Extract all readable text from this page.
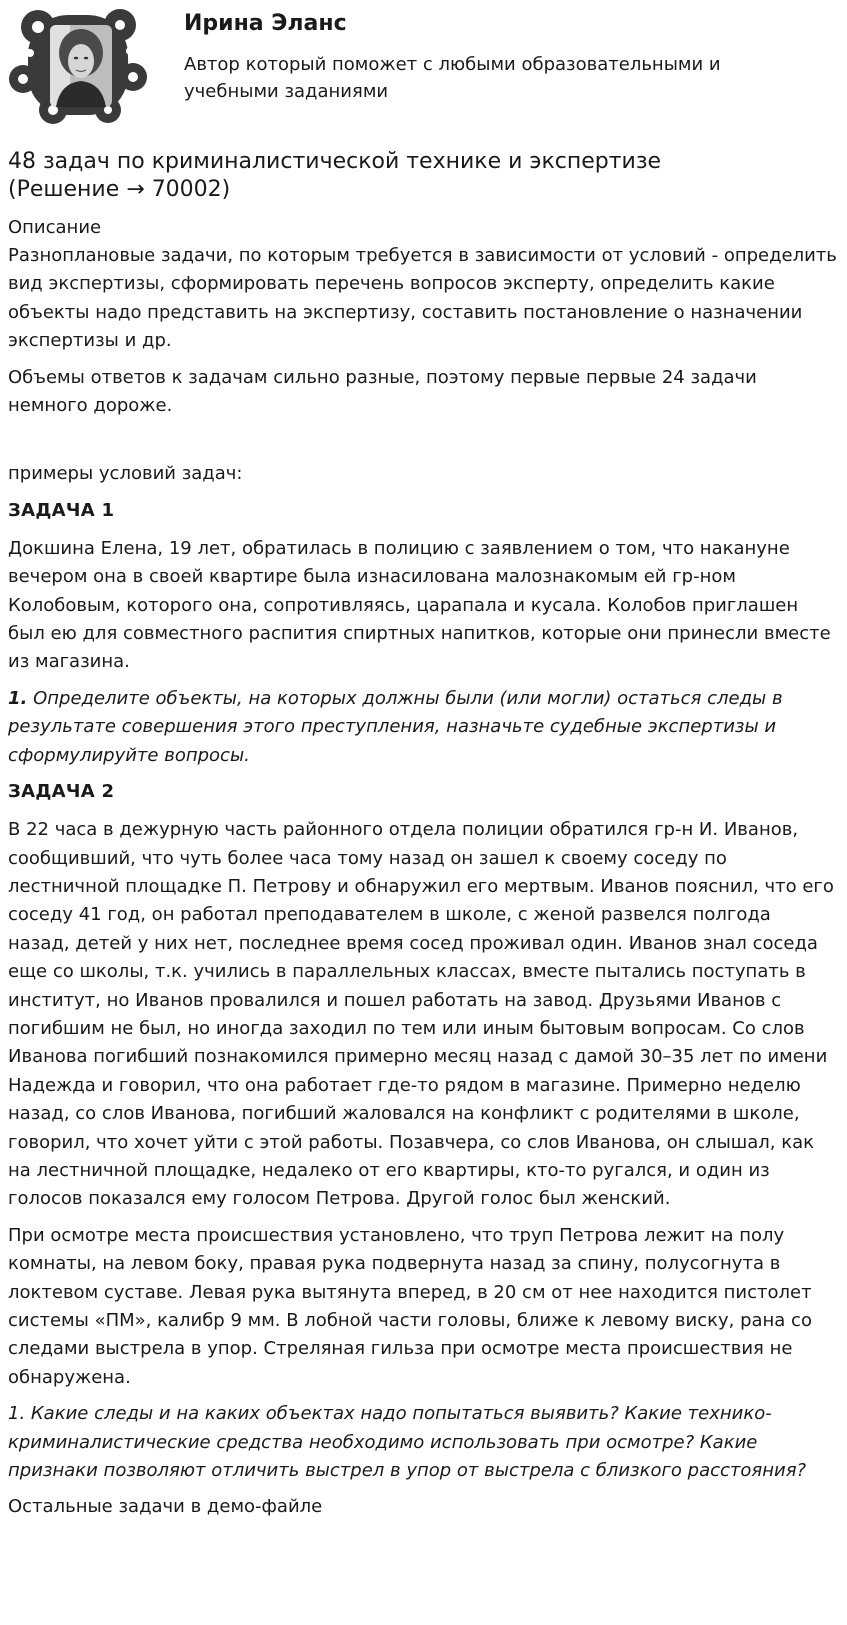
Ирина Эланс

Автор который поможет с любыми образовательными и учебными заданиями

48 задач по криминалистической технике и экспертизе
(Решение → 70002)
Описание

Разноплановые задачи, по которым требуется в зависимости от условий - определить вид экспертизы, сформировать перечень вопросов эксперту, определить какие объекты надо представить на экспертизу, составить постановление о назначении экспертизы и др.

Объемы ответов к задачам сильно разные, поэтому первые первые 24 задачи немного дороже.

примеры условий задач:

ЗАДАЧА 1

Докшина Елена, 19 лет, обратилась в полицию с заявлением о том, что накануне вечером она в своей квартире была изнасилована малознакомым ей гр-ном Колобовым, которого она, сопротивляясь, царапала и кусала. Колобов приглашен был ею для совместного распития спиртных напитков, которые они принесли вместе из магазина.

1. Определите объекты, на которых должны были (или могли) остаться следы в результате совершения этого преступления, назначьте судебные экспертизы и сформулируйте вопросы.

ЗАДАЧА 2

В 22 часа в дежурную часть районного отдела полиции обратился гр-н И. Иванов, сообщивший, что чуть более часа тому назад он зашел к своему соседу по лестничной площадке П. Петрову и обнаружил его мертвым. Иванов пояснил, что его соседу 41 год, он работал преподавателем в школе, с женой развелся полгода назад, детей у них нет, последнее время сосед проживал один. Иванов знал соседа еще со школы, т.к. учились в параллельных классах, вместе пытались поступать в институт, но Иванов провалился и пошел работать на завод. Друзьями Иванов с погибшим не был, но иногда заходил по тем или иным бытовым вопросам. Со слов Иванова погибший познакомился примерно месяц назад с дамой 30–35 лет по имени Надежда и говорил, что она работает где-то рядом в магазине. Примерно неделю назад, со слов Иванова, погибший жаловался на конфликт с родителями в школе, говорил, что хочет уйти с этой работы. Позавчера, со слов Иванова, он слышал, как на лестничной площадке, недалеко от его квартиры, кто-то ругался, и один из голосов показался ему голосом Петрова. Другой голос был женский.

При осмотре места происшествия установлено, что труп Петрова лежит на полу комнаты, на левом боку, правая рука подвернута назад за спину, полусогнута в локтевом суставе. Левая рука вытянута вперед, в 20 см от нее находится пистолет системы «ПМ», калибр 9 мм. В лобной части головы, ближе к левому виску, рана со следами выстрела в упор. Стреляная гильза при осмотре места происшествия не обнаружена.

1. Какие следы и на каких объектах надо попытаться выявить? Какие технико-криминалистические средства необходимо использовать при осмотре? Какие признаки позволяют отличить выстрел в упор от выстрела с близкого расстояния?

Остальные задачи в демо-файле
